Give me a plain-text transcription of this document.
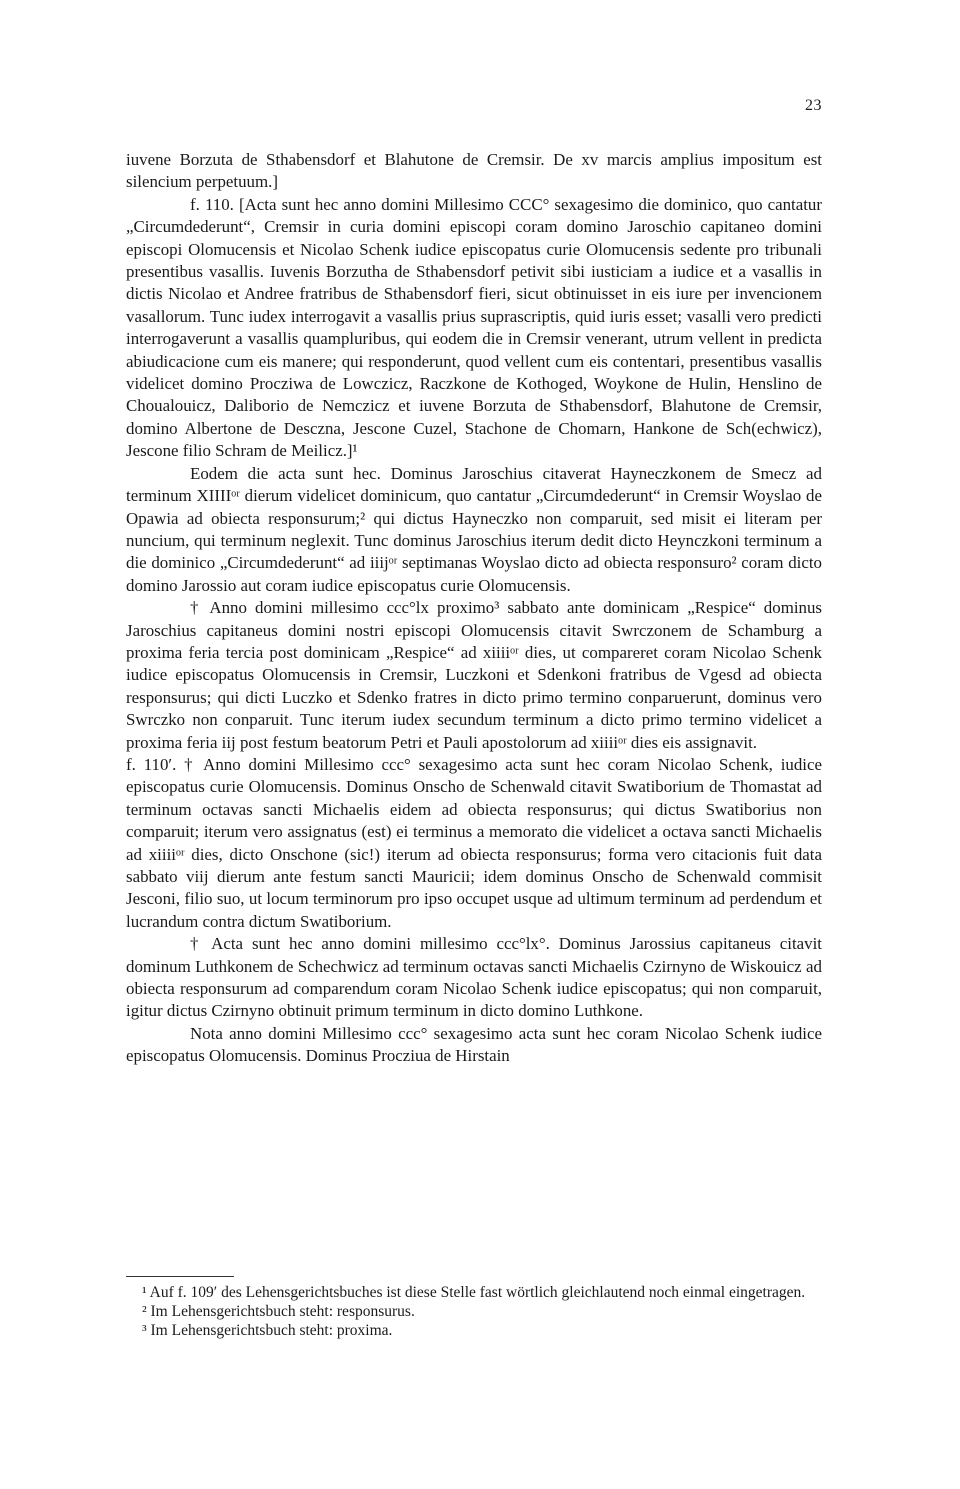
23

iuvene Borzuta de Sthabensdorf et Blahutone de Cremsir. De xv marcis amplius impositum est silencium perpetuum.]

f. 110. [Acta sunt hec anno domini Millesimo CCC° sexagesimo die dominico, quo cantatur „Circumdederunt“, Cremsir in curia domini episcopi coram domino Jaroschio capitaneo domini episcopi Olomucensis et Nicolao Schenk iudice episcopatus curie Olomucensis sedente pro tribunali presentibus vasallis. Iuvenis Borzutha de Sthabensdorf petivit sibi iusticiam a iudice et a vasallis in dictis Nicolao et Andree fratribus de Sthabensdorf fieri, sicut obtinuisset in eis iure per invencionem vasallorum. Tunc iudex interrogavit a vasallis prius suprascriptis, quid iuris esset; vasalli vero predicti interrogaverunt a vasallis quampluribus, qui eodem die in Cremsir venerant, utrum vellent in predicta abiudicacione cum eis manere; qui responderunt, quod vellent cum eis contentari, presentibus vasallis videlicet domino Procziwa de Lowczicz, Raczkone de Kothoged, Woykone de Hulin, Henslino de Choualouicz, Daliborio de Nemczicz et iuvene Borzuta de Sthabensdorf, Blahutone de Cremsir, domino Albertone de Desczna, Jescone Cuzel, Stachone de Chomarn, Hankone de Sch(echwicz), Jescone filio Schram de Meilicz.]¹

Eodem die acta sunt hec. Dominus Jaroschius citaverat Hayneczkonem de Smecz ad terminum XIIIIᵒʳ dierum videlicet dominicum, quo cantatur „Circumdederunt“ in Cremsir Woyslao de Opawia ad obiecta responsurum;² qui dictus Hayneczko non comparuit, sed misit ei literam per nuncium, qui terminum neglexit. Tunc dominus Jaroschius iterum dedit dicto Heynczkoni terminum a die dominico „Circumdederunt“ ad iiijᵒʳ septimanas Woyslao dicto ad obiecta responsuro² coram dicto domino Jarossio aut coram iudice episcopatus curie Olomucensis.

† Anno domini millesimo ccc°lx proximo³ sabbato ante dominicam „Respice“ dominus Jaroschius capitaneus domini nostri episcopi Olomucensis citavit Swrczonem de Schamburg a proxima feria tercia post dominicam „Respice“ ad xiiiiᵒʳ dies, ut compareret coram Nicolao Schenk iudice episcopatus Olomucensis in Cremsir, Luczkoni et Sdenkoni fratribus de Vgesd ad obiecta responsurus; qui dicti Luczko et Sdenko fratres in dicto primo termino conparuerunt, dominus vero Swrczko non conparuit. Tunc iterum iudex secundum terminum a dicto primo termino videlicet a proxima feria iij post festum beatorum Petri et Pauli apostolorum ad xiiiiᵒʳ dies eis assignavit.

f. 110′. † Anno domini Millesimo ccc° sexagesimo acta sunt hec coram Nicolao Schenk, iudice episcopatus curie Olomucensis. Dominus Onscho de Schenwald citavit Swatiborium de Thomastat ad terminum octavas sancti Michaelis eidem ad obiecta responsurus; qui dictus Swatiborius non comparuit; iterum vero assignatus (est) ei terminus a memorato die videlicet a octava sancti Michaelis ad xiiiiᵒʳ dies, dicto Onschone (sic!) iterum ad obiecta responsurus; forma vero citacionis fuit data sabbato viij dierum ante festum sancti Mauricii; idem dominus Onscho de Schenwald commisit Jesconi, filio suo, ut locum terminorum pro ipso occupet usque ad ultimum terminum ad perdendum et lucrandum contra dictum Swatiborium.

† Acta sunt hec anno domini millesimo ccc°lx°. Dominus Jarossius capitaneus citavit dominum Luthkonem de Schechwicz ad terminum octavas sancti Michaelis Czirnyno de Wiskouicz ad obiecta responsurum ad comparendum coram Nicolao Schenk iudice episcopatus; qui non comparuit, igitur dictus Czirnyno obtinuit primum terminum in dicto domino Luthkone.

Nota anno domini Millesimo ccc° sexagesimo acta sunt hec coram Nicolao Schenk iudice episcopatus Olomucensis. Dominus Procziua de Hirstain

¹ Auf f. 109′ des Lehensgerichtsbuches ist diese Stelle fast wörtlich gleichlautend noch einmal eingetragen.

² Im Lehensgerichtsbuch steht: responsurus.

³ Im Lehensgerichtsbuch steht: proxima.
